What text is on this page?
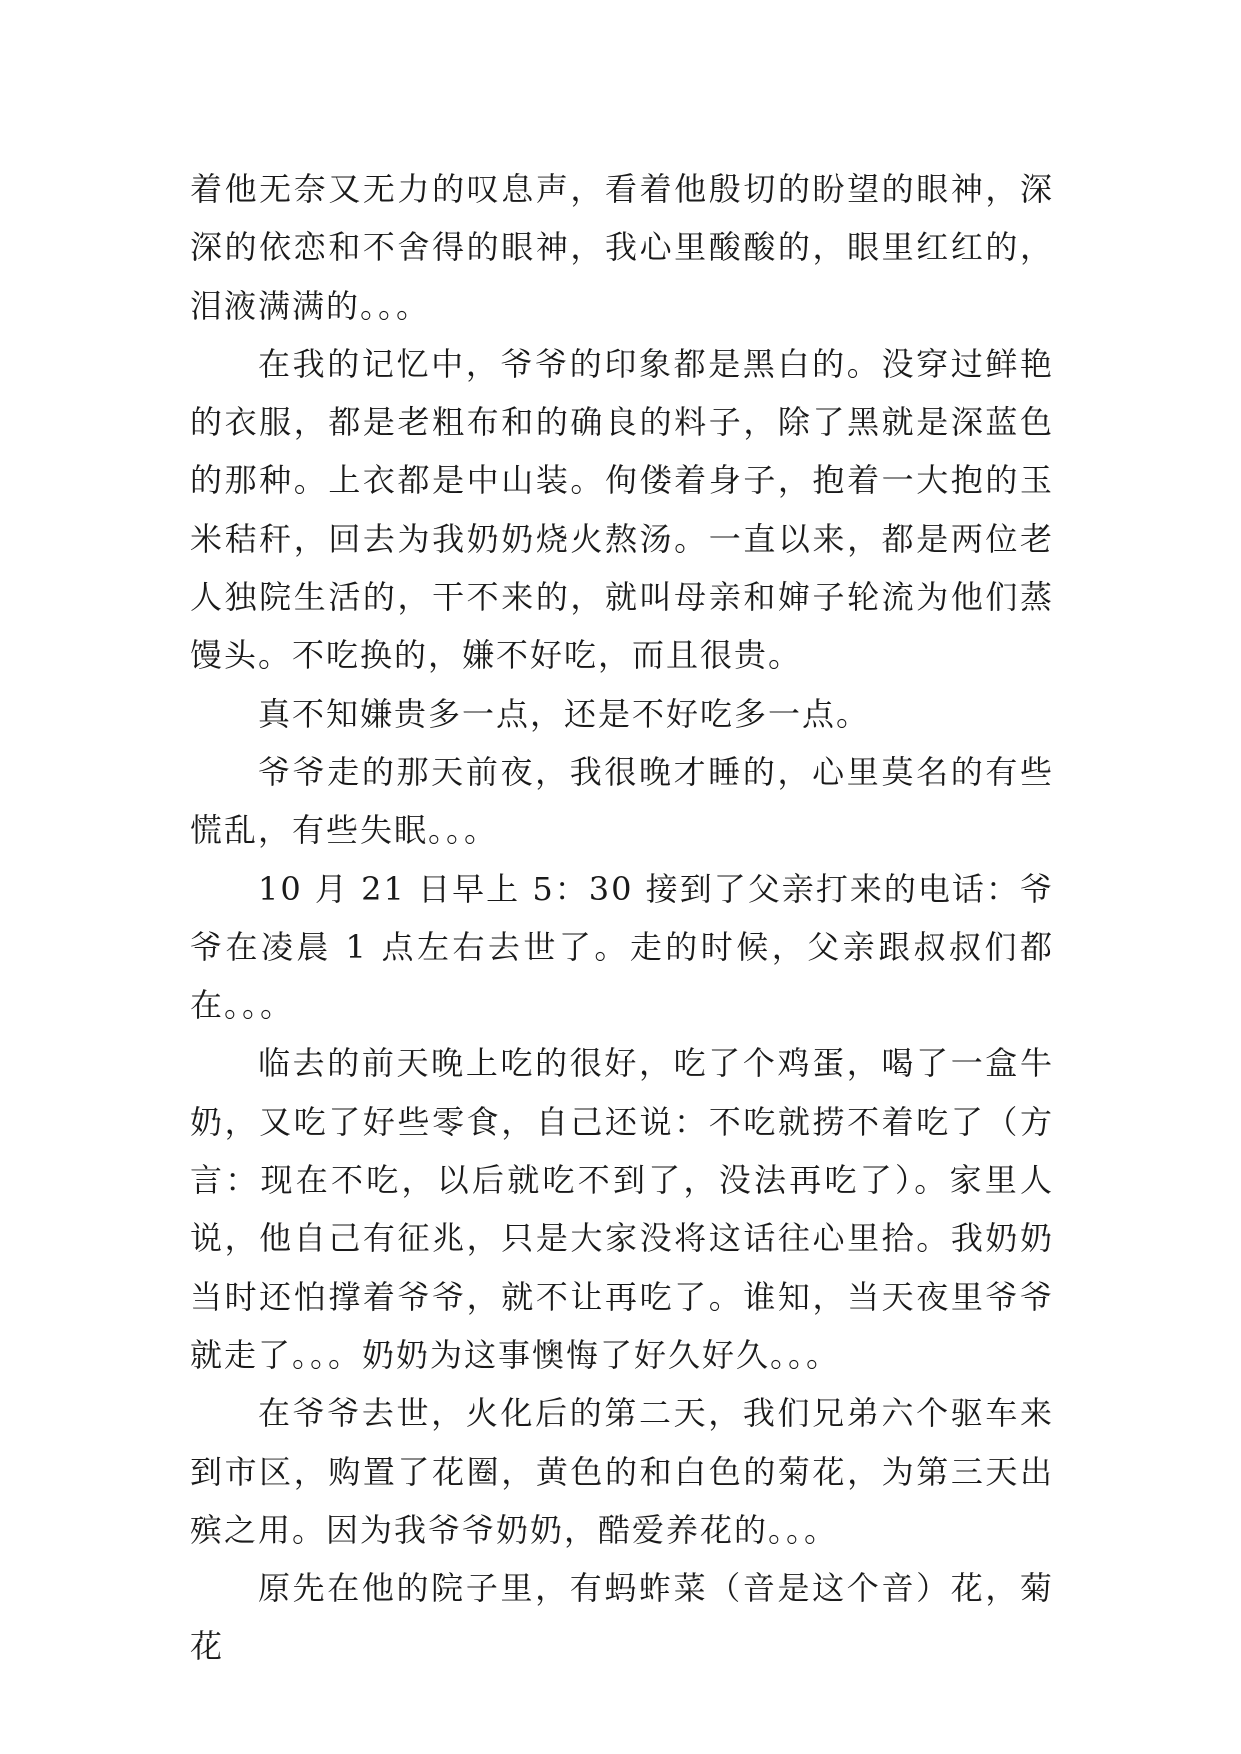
着他无奈又无力的叹息声，看着他殷切的盼望的眼神，深深的依恋和不舍得的眼神，我心里酸酸的，眼里红红的，泪液满满的。。。

在我的记忆中，爷爷的印象都是黑白的。没穿过鲜艳的衣服，都是老粗布和的确良的料子，除了黑就是深蓝色的那种。上衣都是中山装。佝偻着身子，抱着一大抱的玉米秸秆，回去为我奶奶烧火熬汤。一直以来，都是两位老人独院生活的，干不来的，就叫母亲和婶子轮流为他们蒸馒头。不吃换的，嫌不好吃，而且很贵。

真不知嫌贵多一点，还是不好吃多一点。

爷爷走的那天前夜，我很晚才睡的，心里莫名的有些慌乱，有些失眠。。。

10 月 21 日早上 5：30 接到了父亲打来的电话：爷爷在凌晨 1 点左右去世了。走的时候，父亲跟叔叔们都在。。。

临去的前天晚上吃的很好，吃了个鸡蛋，喝了一盒牛奶，又吃了好些零食，自己还说：不吃就捞不着吃了（方言：现在不吃，以后就吃不到了，没法再吃了）。家里人说，他自己有征兆，只是大家没将这话往心里拾。我奶奶当时还怕撑着爷爷，就不让再吃了。谁知，当天夜里爷爷就走了。。。奶奶为这事懊悔了好久好久。。。

在爷爷去世，火化后的第二天，我们兄弟六个驱车来到市区，购置了花圈，黄色的和白色的菊花，为第三天出殡之用。因为我爷爷奶奶，酷爱养花的。。。

原先在他的院子里，有蚂蚱菜（音是这个音）花，菊花
